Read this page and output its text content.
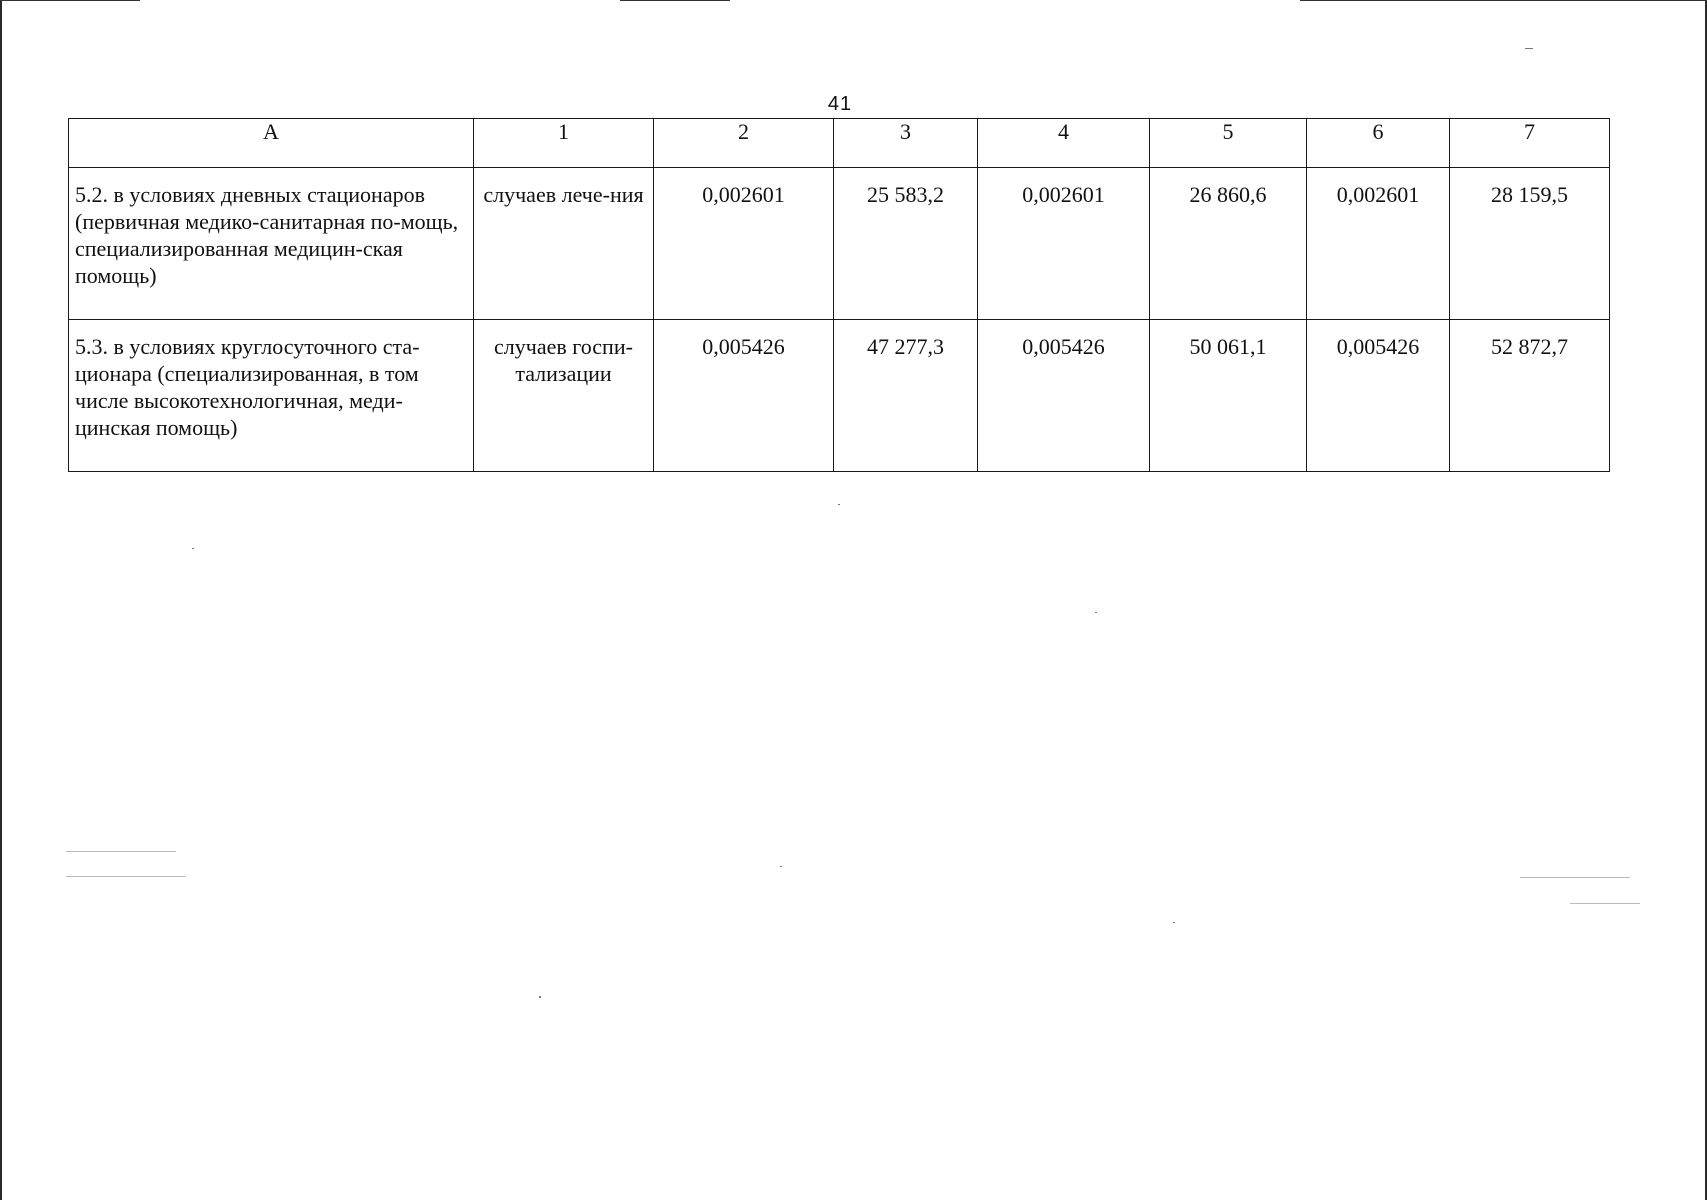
41
А	1	2	3	4	5	6	7
5.2. в условиях дневных стационаров (первичная медико-санитарная по-мощь, специализированная медицин-ская помощь)	случаев лече-ния	0,002601	25 583,2	0,002601	26 860,6	0,002601	28 159,5
5.3. в условиях круглосуточного ста-ционара (специализированная, в том числе высокотехнологичная, меди-цинская помощь)	случаев госпи-тализации	0,005426	47 277,3	0,005426	50 061,1	0,005426	52 872,7
